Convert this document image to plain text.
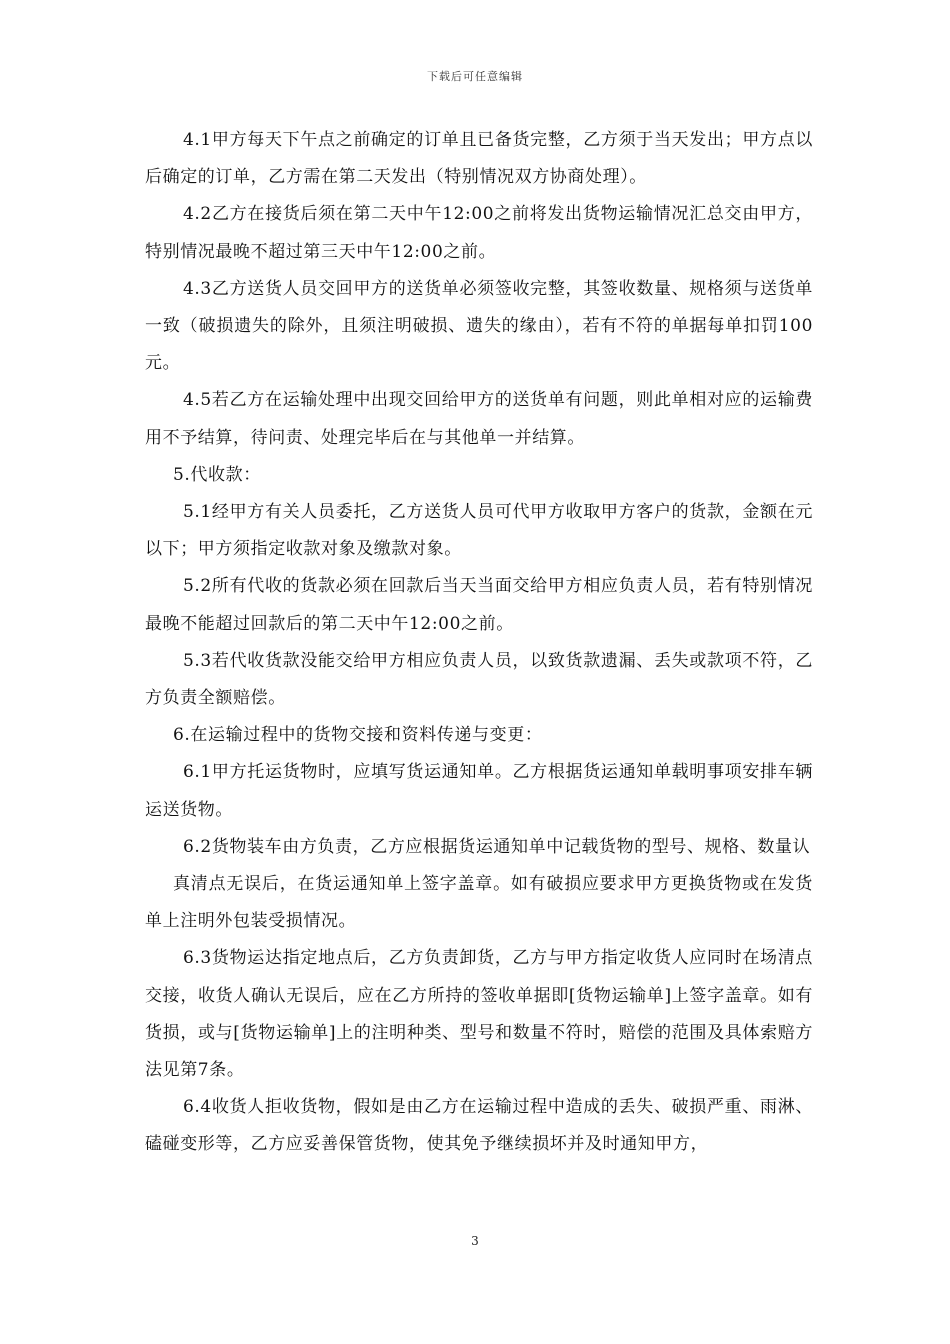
下载后可任意编辑

4.1甲方每天下午点之前确定的订单且已备货完整，乙方须于当天发出；甲方点以后确定的订单，乙方需在第二天发出（特别情况双方协商处理）。

4.2乙方在接货后须在第二天中午12:00之前将发出货物运输情况汇总交由甲方，特别情况最晚不超过第三天中午12:00之前。

4.3乙方送货人员交回甲方的送货单必须签收完整，其签收数量、规格须与送货单一致（破损遗失的除外，且须注明破损、遗失的缘由），若有不符的单据每单扣罚100元。

4.5若乙方在运输处理中出现交回给甲方的送货单有问题，则此单相对应的运输费用不予结算，待问责、处理完毕后在与其他单一并结算。

5.代收款：

5.1经甲方有关人员委托，乙方送货人员可代甲方收取甲方客户的货款，金额在元以下；甲方须指定收款对象及缴款对象。

5.2所有代收的货款必须在回款后当天当面交给甲方相应负责人员，若有特别情况最晚不能超过回款后的第二天中午12:00之前。

5.3若代收货款没能交给甲方相应负责人员，以致货款遗漏、丢失或款项不符，乙方负责全额赔偿。

6.在运输过程中的货物交接和资料传递与变更：

6.1甲方托运货物时，应填写货运通知单。乙方根据货运通知单载明事项安排车辆运送货物。

6.2货物装车由方负责，乙方应根据货运通知单中记载货物的型号、规格、数量认

真清点无误后，在货运通知单上签字盖章。如有破损应要求甲方更换货物或在发货单上注明外包装受损情况。

6.3货物运达指定地点后，乙方负责卸货，乙方与甲方指定收货人应同时在场清点交接，收货人确认无误后，应在乙方所持的签收单据即[货物运输单]上签字盖章。如有货损，或与[货物运输单]上的注明种类、型号和数量不符时，赔偿的范围及具体索赔方法见第7条。

6.4收货人拒收货物，假如是由乙方在运输过程中造成的丢失、破损严重、雨淋、磕碰变形等，乙方应妥善保管货物，使其免予继续损坏并及时通知甲方，

3
